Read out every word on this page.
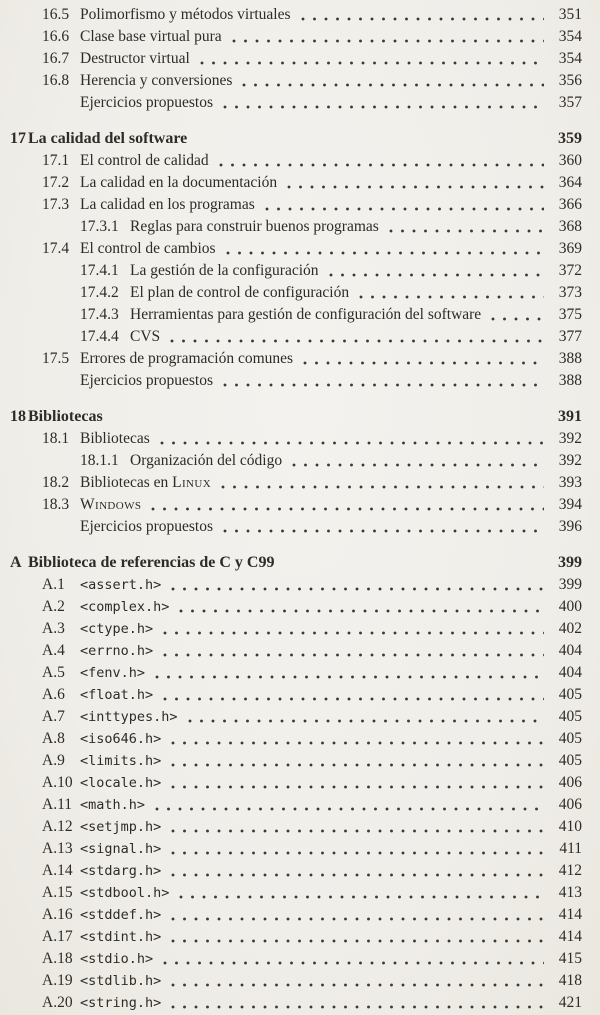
16.5 Polimorfismo y métodos virtuales	351
16.6 Clase base virtual pura	354
16.7 Destructor virtual	354
16.8 Herencia y conversiones	356
Ejercicios propuestos	357
17 La calidad del software	359
17.1 El control de calidad	360
17.2 La calidad en la documentación	364
17.3 La calidad en los programas	366
17.3.1 Reglas para construir buenos programas	368
17.4 El control de cambios	369
17.4.1 La gestión de la configuración	372
17.4.2 El plan de control de configuración	373
17.4.3 Herramientas para gestión de configuración del software	375
17.4.4 CVS	377
17.5 Errores de programación comunes	388
Ejercicios propuestos	388
18 Bibliotecas	391
18.1 Bibliotecas	392
18.1.1 Organización del código	392
18.2 Bibliotecas en Linux	393
18.3 Windows	394
Ejercicios propuestos	396
A Biblioteca de referencias de C y C99	399
A.1	<assert.h>	399
A.2	<complex.h>	400
A.3	<ctype.h>	402
A.4	<errno.h>	404
A.5	<fenv.h>	404
A.6	<float.h>	405
A.7	<inttypes.h>	405
A.8	<iso646.h>	405
A.9	<limits.h>	405
A.10 <locale.h>	406
A.11 <math.h>	406
A.12 <setjmp.h>	410
A.13 <signal.h>	411
A.14 <stdarg.h>	412
A.15 <stdbool.h>	413
A.16 <stddef.h>	414
A.17 <stdint.h>	414
A.18 <stdio.h>	415
A.19 <stdlib.h>	418
A.20 <string.h>	421
